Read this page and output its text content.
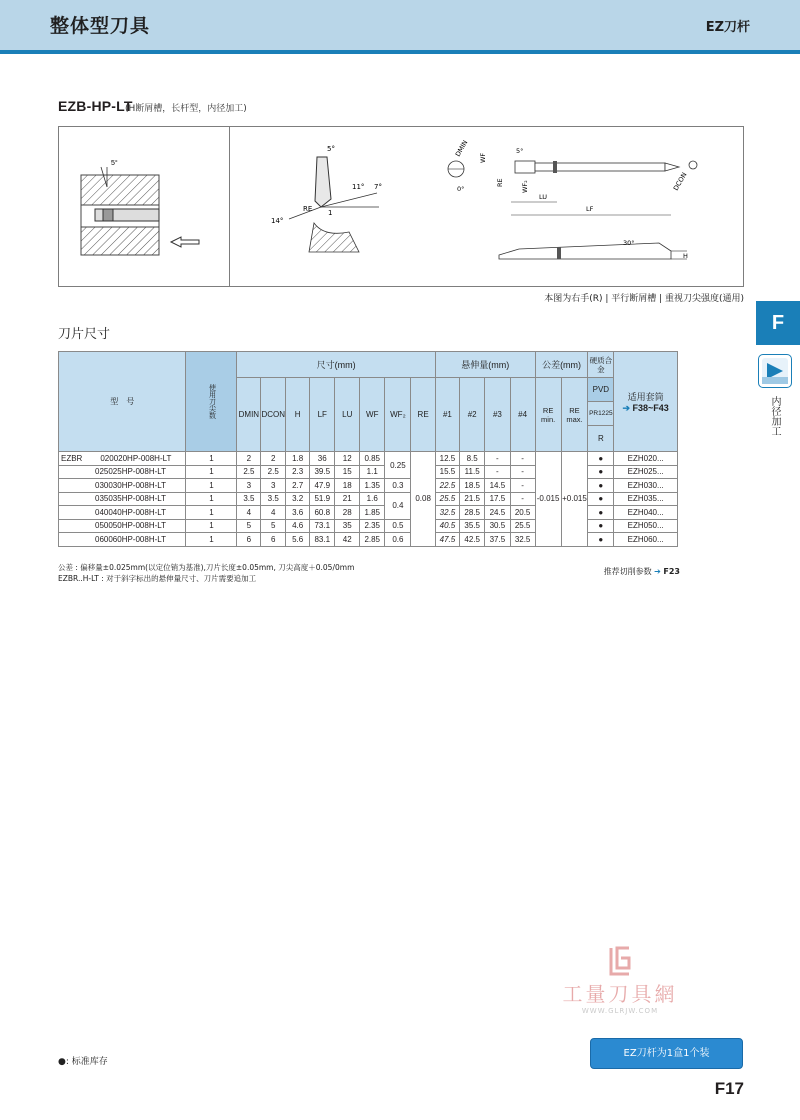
整体型刀具	EZ刀杆
EZB-HP-LT
(H断屑槽，长杆型，内径加工)
5°
5°
14°
11° 7°
RE 1
DMIN
0°	DCON
WF
WF₂
RE
5°
LU
LF
30°
H
本图为右手(R) | 平行断屑槽 | 重视刀尖强度(通用)
刀片尺寸
型　号	使用刀尖数	尺寸(mm)								悬伸量(mm)				公差(mm)		硬质合金	适用套筒
➔ F38~F43

		DMIN	DCON	H	LF	LU	WF	WF₂	RE	#1	#2	#3	#4	RE min.	RE max.	PVD	
																PR1225	
																R	
EZBR 020020HP-008H-LT	1	2	2	1.8	36	12	0.85	0.25	0.08	12.5	8.5	-	-	-0.015	+0.015	●	EZH020...
025025HP-008H-LT	1	2.5	2.5	2.3	39.5	15	1.1			15.5	11.5	-	-			●	EZH025...
030030HP-008H-LT	1	3	3	2.7	47.9	18	1.35	0.3		22.5	18.5	14.5	-			●	EZH030...
035035HP-008H-LT	1	3.5	3.5	3.2	51.9	21	1.6	0.4		25.5	21.5	17.5	-			●	EZH035...
040040HP-008H-LT	1	4	4	3.6	60.8	28	1.85			32.5	28.5	24.5	20.5			●	EZH040...
050050HP-008H-LT	1	5	5	4.6	73.1	35	2.35	0.5		40.5	35.5	30.5	25.5			●	EZH050...
060060HP-008H-LT	1	6	6	5.6	83.1	42	2.85	0.6		47.5	42.5	37.5	32.5			●	EZH060...
公差 : 偏移量±0.025mm(以定位销为基准),刀片长度±0.05mm, 刀尖高度＋0.05/0mm
EZBR..H-LT : 对于斜字标出的悬伸量尺寸、刀片需要追加工
推荐切削参数 ➔ F23
F
内径加工
工量刀具網
WWW.GLRJW.COM
●: 标准库存
EZ刀杆为1盒1个装
F17
